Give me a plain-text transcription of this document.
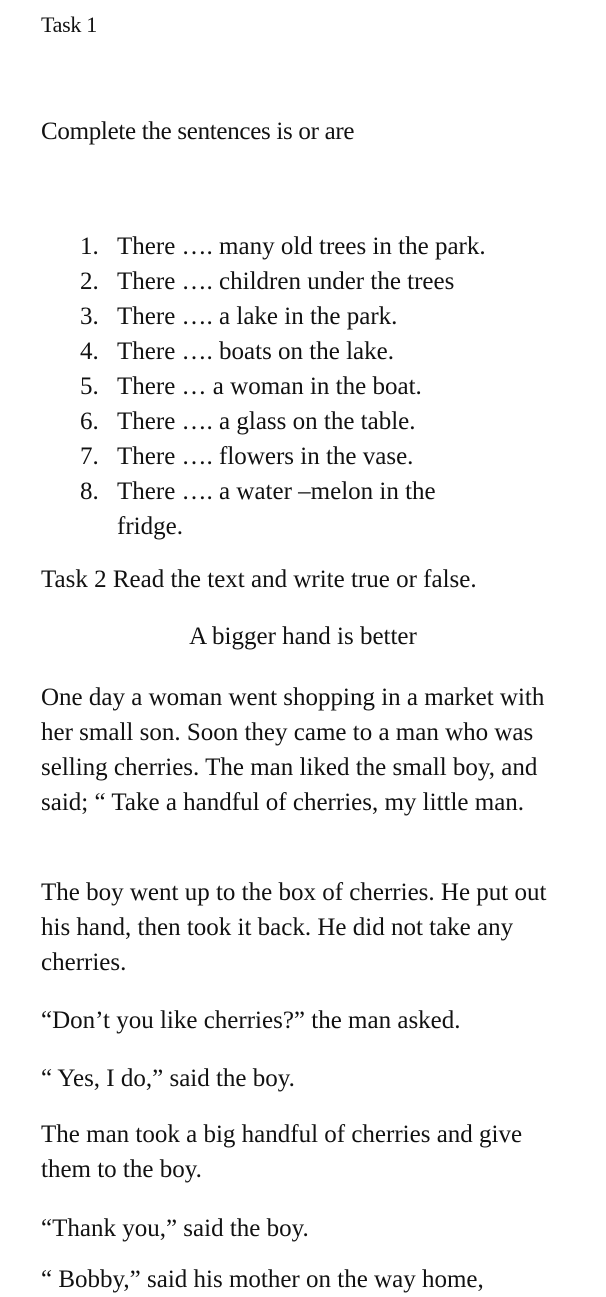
Task 1
Complete the sentences is or are
1. There …. many old trees in the park.
2. There …. children under the trees
3. There …. a lake in the park.
4. There …. boats on the lake.
5. There … a woman in the boat.
6. There …. a glass on the table.
7. There …. flowers in the vase.
8. There …. a water –melon in the
fridge.
Task 2 Read the text and write true or false.
A bigger hand is better

One day a woman went shopping in a market with her small son. Soon they came to a man who was selling cherries. The man liked the small boy, and said; “ Take a handful of cherries, my little man.

The boy went up to the box of cherries. He put out his hand, then took it back. He did not take any cherries.

“Don’t you like cherries?” the man asked.

“ Yes, I do,” said the boy.

The man took a big handful of cherries and give them to the boy.

“Thank you,” said the boy.

“ Bobby,” said his mother on the way home,
